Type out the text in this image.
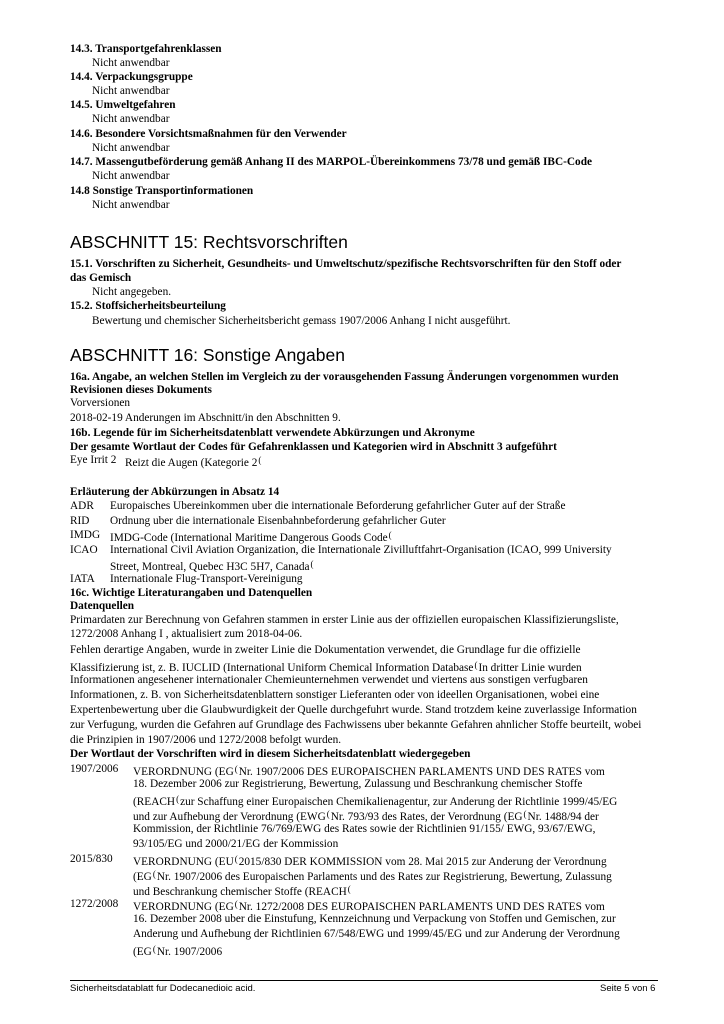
14.3. Transportgefahrenklassen
Nicht anwendbar
14.4. Verpackungsgruppe
Nicht anwendbar
14.5. Umweltgefahren
Nicht anwendbar
14.6. Besondere Vorsichtsmaßnahmen für den Verwender
Nicht anwendbar
14.7. Massengutbeförderung gemäß Anhang II des MARPOL-Übereinkommens 73/78 und gemäß IBC-Code
Nicht anwendbar
14.8 Sonstige Transportinformationen
Nicht anwendbar
ABSCHNITT 15: Rechtsvorschriften
15.1. Vorschriften zu Sicherheit, Gesundheits- und Umweltschutz/spezifische Rechtsvorschriften für den Stoff oder
das Gemisch
Nicht angegeben.
15.2. Stoffsicherheitsbeurteilung
Bewertung und chemischer Sicherheitsbericht gemass 1907/2006 Anhang I nicht ausgeführt.
ABSCHNITT 16: Sonstige Angaben
16a. Angabe, an welchen Stellen im Vergleich zu der vorausgehenden Fassung Änderungen vorgenommen wurden
Revisionen dieses Dokuments
Vorversionen
2018-02-19 Anderungen im Abschnitt/in den Abschnitten 9.
16b. Legende für im Sicherheitsdatenblatt verwendete Abkürzungen und Akronyme
Der gesamte Wortlaut der Codes für Gefahrenklassen und Kategorien wird in Abschnitt 3 aufgeführt
Eye Irrit 2 Reizt die Augen (Kategorie 2(
Erläuterung der Abkürzungen in Absatz 14
ADR Europaisches Ubereinkommen uber die internationale Beforderung gefahrlicher Guter auf der Straße
RID Ordnung uber die internationale Eisenbahnbeforderung gefahrlicher Guter
IMDG IMDG-Code (International Maritime Dangerous Goods Code(
ICAO International Civil Aviation Organization, die Internationale Zivilluftfahrt-Organisation (ICAO, 999 University
Street, Montreal, Quebec H3C 5H7, Canada(
IATA Internationale Flug-Transport-Vereinigung
16c. Wichtige Literaturangaben und Datenquellen
Datenquellen
Primardaten zur Berechnung von Gefahren stammen in erster Linie aus der offiziellen europaischen Klassifizierungsliste,
1272/2008 Anhang I , aktualisiert zum 2018-04-06.
Fehlen derartige Angaben, wurde in zweiter Linie die Dokumentation verwendet, die Grundlage fur die offizielle
Klassifizierung ist, z. B. IUCLID (International Uniform Chemical Information Database(In dritter Linie wurden
Informationen angesehener internationaler Chemieunternehmen verwendet und viertens aus sonstigen verfugbaren
Informationen, z. B. von Sicherheitsdatenblattern sonstiger Lieferanten oder von ideellen Organisationen, wobei eine
Expertenbewertung uber die Glaubwurdigkeit der Quelle durchgefuhrt wurde. Stand trotzdem keine zuverlassige Information
zur Verfugung, wurden die Gefahren auf Grundlage des Fachwissens uber bekannte Gefahren ahnlicher Stoffe beurteilt, wobei
die Prinzipien in 1907/2006 und 1272/2008 befolgt wurden.
Der Wortlaut der Vorschriften wird in diesem Sicherheitsdatenblatt wiedergegeben
1907/2006 VERORDNUNG (EG(Nr. 1907/2006 DES EUROPAISCHEN PARLAMENTS UND DES RATES vom
18. Dezember 2006 zur Registrierung, Bewertung, Zulassung und Beschrankung chemischer Stoffe
(REACH(zur Schaffung einer Europaischen Chemikalienagentur, zur Anderung der Richtlinie 1999/45/EG
und zur Aufhebung der Verordnung (EWG(Nr. 793/93 des Rates, der Verordnung (EG(Nr. 1488/94 der
Kommission, der Richtlinie 76/769/EWG des Rates sowie der Richtlinien 91/155/ EWG, 93/67/EWG,
93/105/EG und 2000/21/EG der Kommission
2015/830 VERORDNUNG (EU(2015/830 DER KOMMISSION vom 28. Mai 2015 zur Anderung der Verordnung
(EG(Nr. 1907/2006 des Europaischen Parlaments und des Rates zur Registrierung, Bewertung, Zulassung
und Beschrankung chemischer Stoffe (REACH(
1272/2008 VERORDNUNG (EG(Nr. 1272/2008 DES EUROPAISCHEN PARLAMENTS UND DES RATES vom
16. Dezember 2008 uber die Einstufung, Kennzeichnung und Verpackung von Stoffen und Gemischen, zur
Anderung und Aufhebung der Richtlinien 67/548/EWG und 1999/45/EG und zur Anderung der Verordnung
(EG(Nr. 1907/2006
Sicherheitsdatablatt fur Dodecanedioic acid.	Seite 5 von 6
